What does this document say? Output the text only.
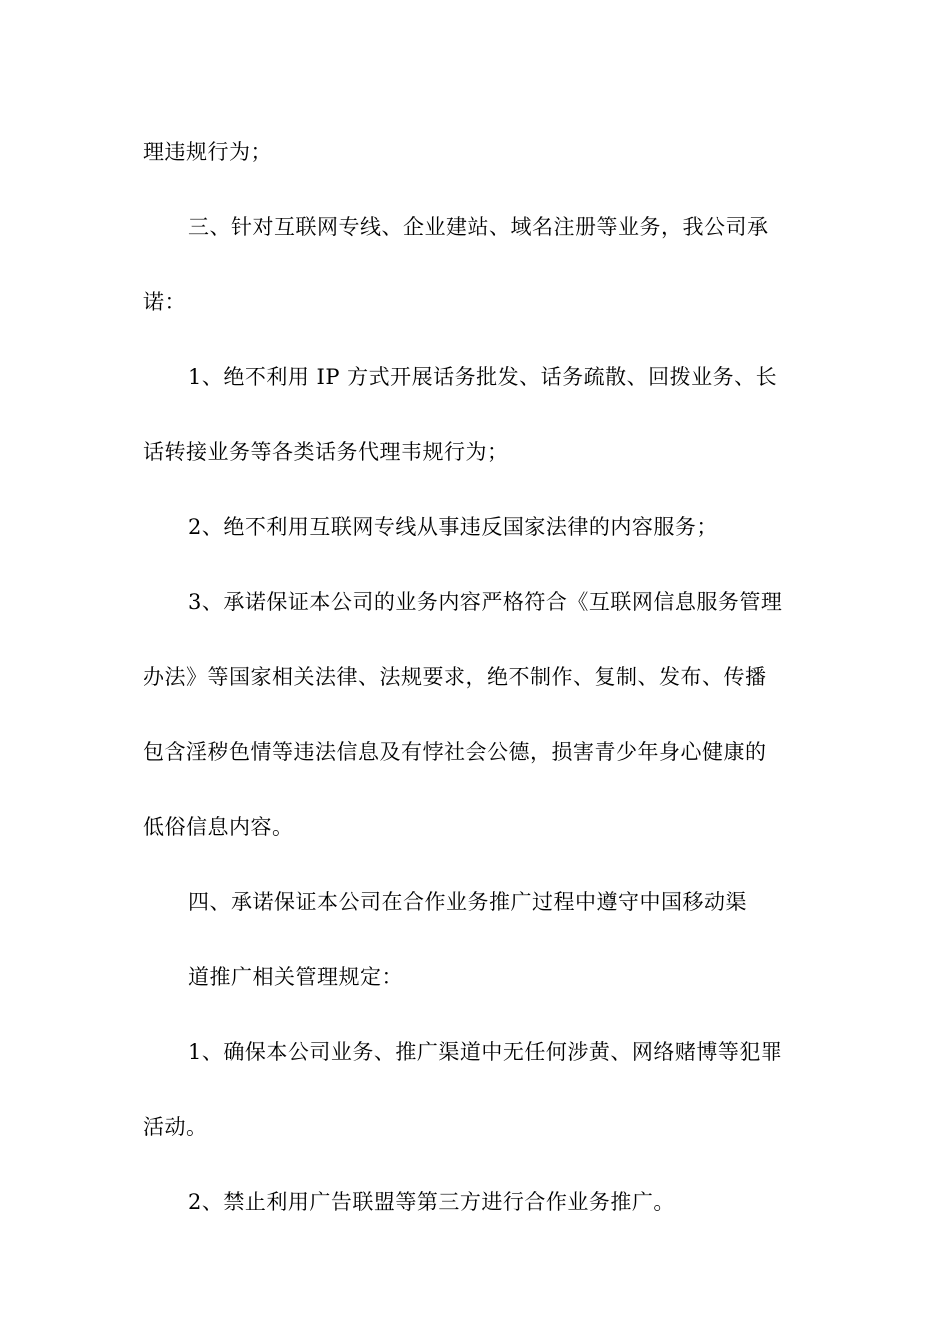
理违规行为；
三、针对互联网专线、企业建站、域名注册等业务，我公司承
诺：
1、绝不利用 IP 方式开展话务批发、话务疏散、回拨业务、长
话转接业务等各类话务代理韦规行为；
2、绝不利用互联网专线从事违反国家法律的内容服务；
3、承诺保证本公司的业务内容严格符合《互联网信息服务管理
办法》等国家相关法律、法规要求，绝不制作、复制、发布、传播
包含淫秽色情等违法信息及有悖社会公德，损害青少年身心健康的
低俗信息内容。
四、承诺保证本公司在合作业务推广过程中遵守中国移动渠
道推广相关管理规定：
1、确保本公司业务、推广渠道中无任何涉黄、网络赌博等犯罪
活动。
2、禁止利用广告联盟等第三方进行合作业务推广。
